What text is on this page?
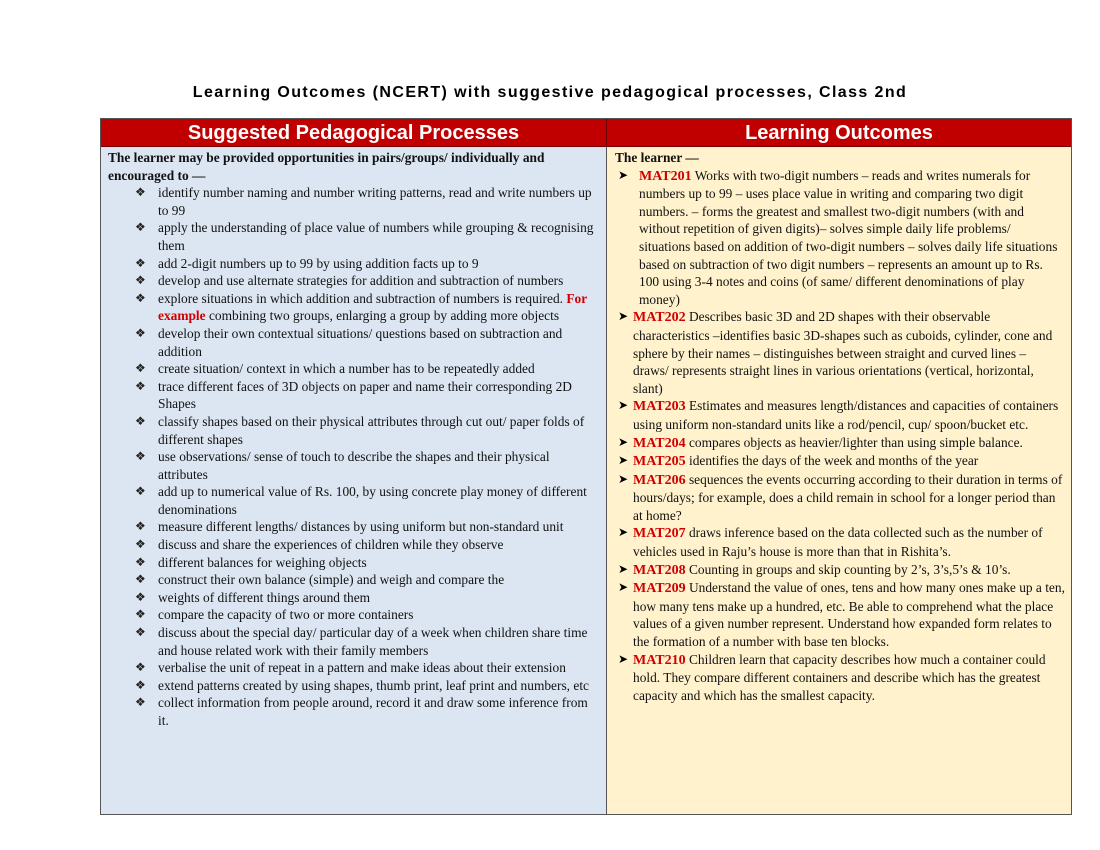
Learning Outcomes (NCERT) with suggestive pedagogical processes, Class 2nd
Suggested Pedagogical Processes	Learning Outcomes
The learner may be provided opportunities in pairs/groups/ individually and encouraged to —
❖ identify number naming and number writing patterns, read and write numbers up to 99
❖ apply the understanding of place value of numbers while grouping & recognising them
❖ add 2-digit numbers up to 99 by using addition facts up to 9
❖ develop and use alternate strategies for addition and subtraction of numbers
❖ explore situations in which addition and subtraction of numbers is required. For example combining two groups, enlarging a group by adding more objects
❖ develop their own contextual situations/ questions based on subtraction and addition
❖ create situation/ context in which a number has to be repeatedly added
❖ trace different faces of 3D objects on paper and name their corresponding 2D Shapes
❖ classify shapes based on their physical attributes through cut out/ paper folds of different shapes
❖ use observations/ sense of touch to describe the shapes and their physical attributes
❖ add up to numerical value of Rs. 100, by using concrete play money of different denominations
❖ measure different lengths/ distances by using uniform but non-standard unit
❖ discuss and share the experiences of children while they observe
❖ different balances for weighing objects
❖ construct their own balance (simple) and weigh and compare the
❖ weights of different things around them
❖ compare the capacity of two or more containers
❖ discuss about the special day/ particular day of a week when children share time and house related work with their family members
❖ verbalise the unit of repeat in a pattern and make ideas about their extension
❖ extend patterns created by using shapes, thumb print, leaf print and numbers, etc
❖ collect information from people around, record it and draw some inference from it.
The learner —
➤ MAT201 Works with two-digit numbers – reads and writes numerals for numbers up to 99 – uses place value in writing and comparing two digit numbers. – forms the greatest and smallest two-digit numbers (with and without repetition of given digits)– solves simple daily life problems/ situations based on addition of two-digit numbers – solves daily life situations based on subtraction of two digit numbers – represents an amount up to Rs. 100 using 3-4 notes and coins (of same/ different denominations of play money)
➤ MAT202 Describes basic 3D and 2D shapes with their observable characteristics –identifies basic 3D-shapes such as cuboids, cylinder, cone and sphere by their names – distinguishes between straight and curved lines – draws/ represents straight lines in various orientations (vertical, horizontal, slant)
➤ MAT203 Estimates and measures length/distances and capacities of containers using uniform non-standard units like a rod/pencil, cup/ spoon/bucket etc.
➤ MAT204 compares objects as heavier/lighter than using simple balance.
➤ MAT205 identifies the days of the week and months of the year
➤ MAT206 sequences the events occurring according to their duration in terms of hours/days; for example, does a child remain in school for a longer period than at home?
➤ MAT207 draws inference based on the data collected such as the number of vehicles used in Raju’s house is more than that in Rishita’s.
➤ MAT208 Counting in groups and skip counting by 2’s, 3’s,5’s & 10’s.
➤ MAT209 Understand the value of ones, tens and how many ones make up a ten, how many tens make up a hundred, etc. Be able to comprehend what the place values of a given number represent. Understand how expanded form relates to the formation of a number with base ten blocks.
➤ MAT210 Children learn that capacity describes how much a container could hold. They compare different containers and describe which has the greatest capacity and which has the smallest capacity.
